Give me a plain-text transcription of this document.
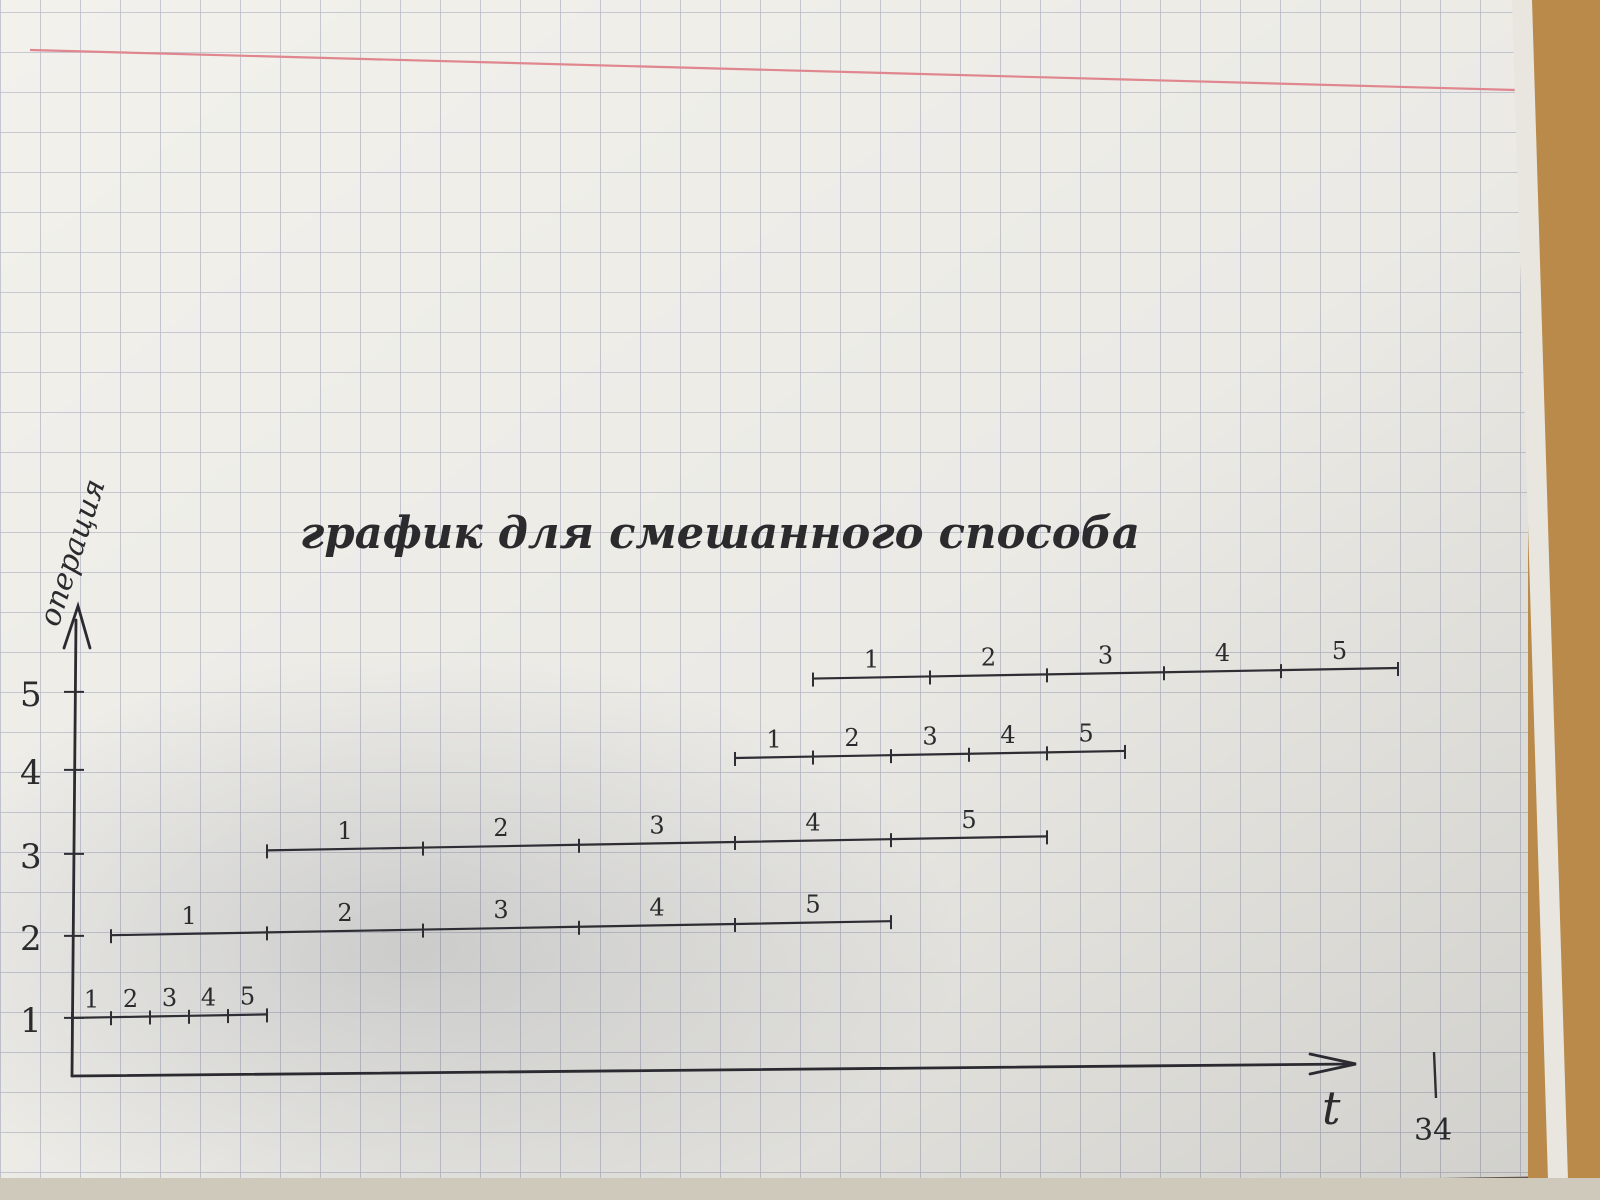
график для смешанного способа
операция
t 34
1
2
3
4
5
1 2 3 4 5
1	2	3	4	5
1	2	3	4	5
1	2	3	4	5
1	2	3	4	5
